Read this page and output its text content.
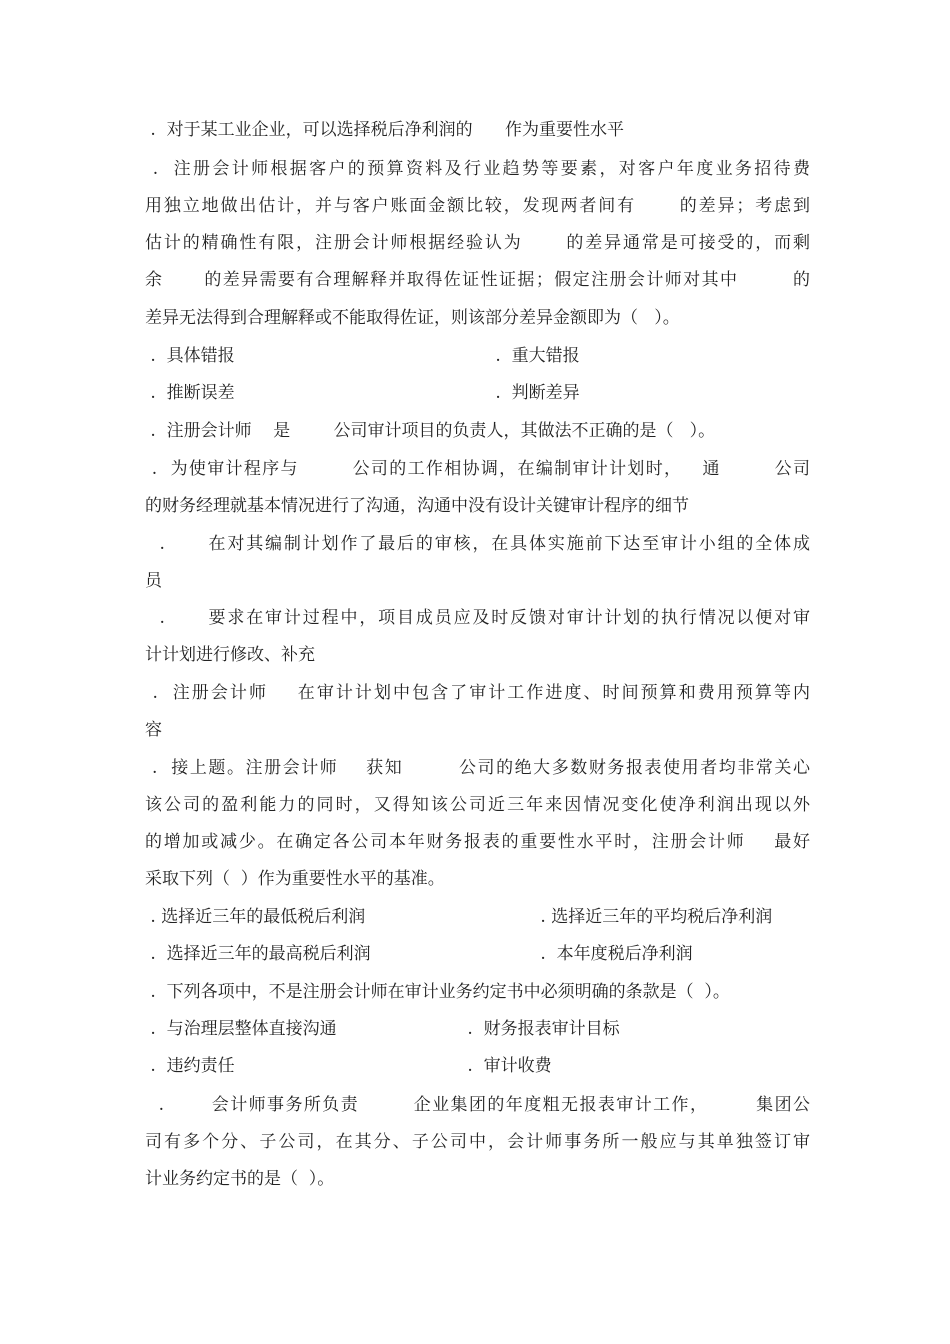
.  对于某工业企业，可以选择税后净利润的      作为重要性水平
.  注册会计师根据客户的预算资料及行业趋势等要素，对客户年度业务招待费
用独立地做出估计，并与客户账面金额比较，发现两者间有      的差异；考虑到
估计的精确性有限，注册会计师根据经验认为      的差异通常是可接受的，而剩
余      的差异需要有合理解释并取得佐证性证据；假定注册会计师对其中        的
差异无法得到合理解释或不能取得佐证，则该部分差异金额即为（   ）。
.  具体错报	.  重大错报
.  推断误差	.  判断差异
.  注册会计师    是        公司审计项目的负责人，其做法不正确的是（   ）。
.  为使审计程序与        公司的工作相协调，在编制审计计划时，   通        公司
的财务经理就基本情况进行了沟通，沟通中没有设计关键审计程序的细节
.      在对其编制计划作了最后的审核，在具体实施前下达至审计小组的全体成
员
.      要求在审计过程中，项目成员应及时反馈对审计计划的执行情况以便对审
计计划进行修改、补充
.  注册会计师    在审计计划中包含了审计工作进度、时间预算和费用预算等内
容
.  接上题。注册会计师    获知        公司的绝大多数财务报表使用者均非常关心
该公司的盈利能力的同时，又得知该公司近三年来因情况变化使净利润出现以外
的增加或减少。在确定各公司本年财务报表的重要性水平时，注册会计师    最好
采取下列（  ）作为重要性水平的基准。
. 选择近三年的最低税后利润	. 选择近三年的平均税后净利润
.  选择近三年的最高税后利润	.  本年度税后净利润
.  下列各项中，不是注册会计师在审计业务约定书中必须明确的条款是（  ）。
.  与治理层整体直接沟通	.  财务报表审计目标
.  违约责任	.  审计收费
.       会计师事务所负责        企业集团的年度粗无报表审计工作，       集团公
司有多个分、子公司，在其分、子公司中，会计师事务所一般应与其单独签订审
计业务约定书的是（  ）。
